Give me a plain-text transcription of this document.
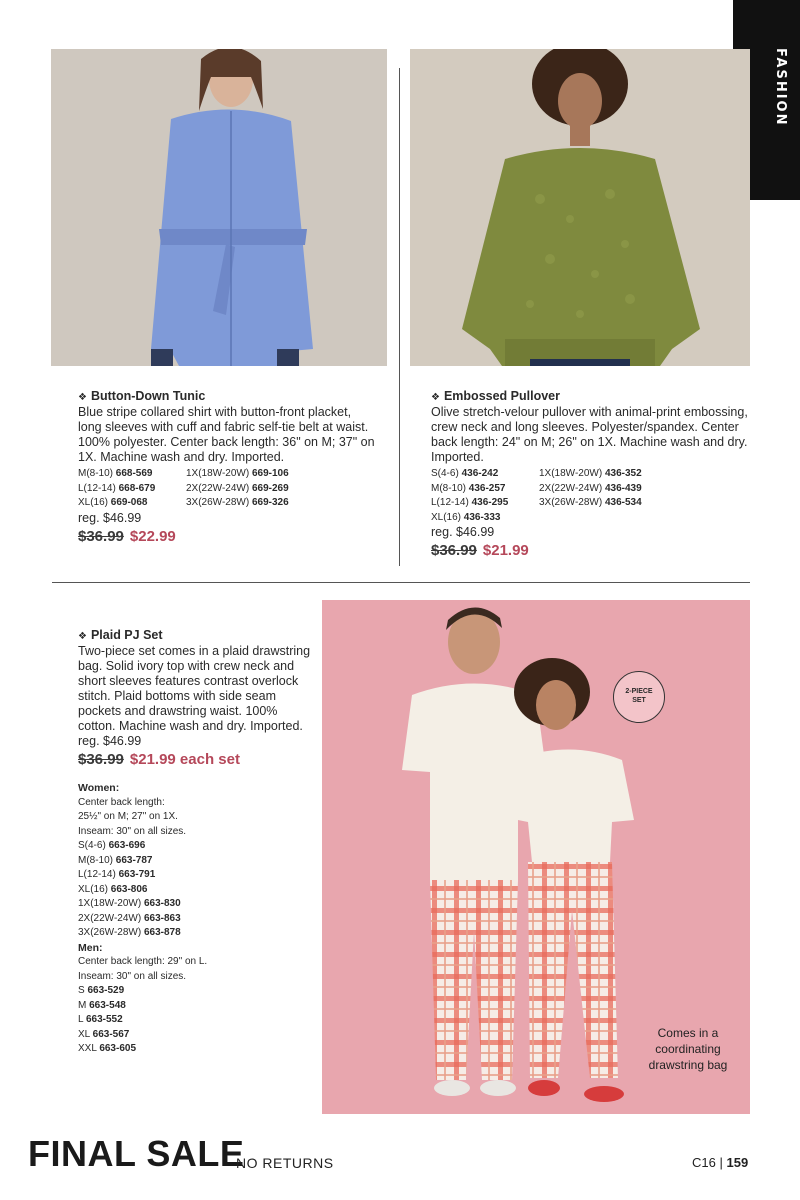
FASHION
❖ Button-Down Tunic

Blue stripe collared shirt with button-front placket, long sleeves with cuff and fabric self-tie belt at waist. 100% polyester. Center back length: 36" on M; 37" on 1X. Machine wash and dry. Imported.

M(8-10) 668-569	1X(18W-20W) 669-106
L(12-14) 668-679	2X(22W-24W) 669-269
XL(16) 669-068	3X(26W-28W) 669-326
reg. $46.99
$36.99 $22.99
❖ Embossed Pullover

Olive stretch-velour pullover with animal-print embossing, crew neck and long sleeves. Polyester/spandex. Center back length: 24" on M; 26" on 1X. Machine wash and dry. Imported.

S(4-6) 436-242	1X(18W-20W) 436-352
M(8-10) 436-257	2X(22W-24W) 436-439
L(12-14) 436-295	3X(26W-28W) 436-534
XL(16) 436-333
reg. $46.99
$36.99 $21.99
❖ Plaid PJ Set

Two-piece set comes in a plaid drawstring bag. Solid ivory top with crew neck and short sleeves features contrast overlock stitch. Plaid bottoms with side seam pockets and drawstring waist. 100% cotton. Machine wash and dry. Imported.

reg. $46.99
$36.99 $21.99 each set
Women:
Center back length:
25½" on M; 27" on 1X.
Inseam: 30" on all sizes.
S(4-6) 663-696
M(8-10) 663-787
L(12-14) 663-791
XL(16) 663-806
1X(18W-20W) 663-830
2X(22W-24W) 663-863
3X(26W-28W) 663-878
Men:
Center back length: 29" on L.
Inseam: 30" on all sizes.
S 663-529
M 663-548
L 663-552
XL 663-567
XXL 663-605
2-PIECE
SET
Comes in a coordinating drawstring bag
FINAL SALE
NO RETURNS	C16 | 159
